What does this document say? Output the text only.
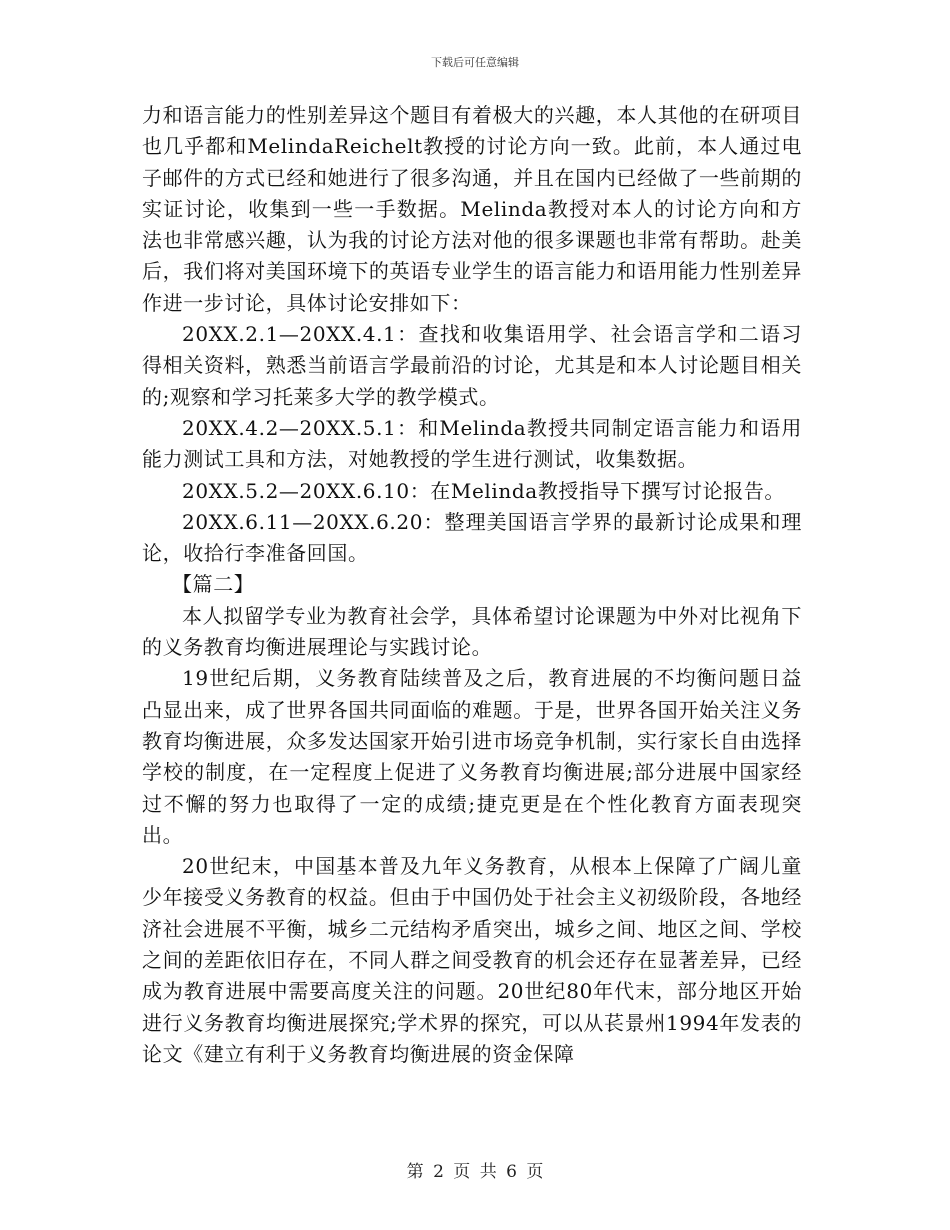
下载后可任意编辑

力和语言能力的性别差异这个题目有着极大的兴趣，本人其他的在研项目也几乎都和MelindaReichelt教授的讨论方向一致。此前，本人通过电子邮件的方式已经和她进行了很多沟通，并且在国内已经做了一些前期的实证讨论，收集到一些一手数据。Melinda教授对本人的讨论方向和方法也非常感兴趣，认为我的讨论方法对他的很多课题也非常有帮助。赴美后，我们将对美国环境下的英语专业学生的语言能力和语用能力性别差异作进一步讨论，具体讨论安排如下：

20XX.2.1—20XX.4.1：查找和收集语用学、社会语言学和二语习得相关资料，熟悉当前语言学最前沿的讨论，尤其是和本人讨论题目相关的;观察和学习托莱多大学的教学模式。

20XX.4.2—20XX.5.1：和Melinda教授共同制定语言能力和语用能力测试工具和方法，对她教授的学生进行测试，收集数据。

20XX.5.2—20XX.6.10：在Melinda教授指导下撰写讨论报告。

20XX.6.11—20XX.6.20：整理美国语言学界的最新讨论成果和理论，收拾行李准备回国。

【篇二】

本人拟留学专业为教育社会学，具体希望讨论课题为中外对比视角下的义务教育均衡进展理论与实践讨论。

19世纪后期，义务教育陆续普及之后，教育进展的不均衡问题日益凸显出来，成了世界各国共同面临的难题。于是，世界各国开始关注义务教育均衡进展，众多发达国家开始引进市场竞争机制，实行家长自由选择学校的制度，在一定程度上促进了义务教育均衡进展;部分进展中国家经过不懈的努力也取得了一定的成绩;捷克更是在个性化教育方面表现突出。

20世纪末，中国基本普及九年义务教育，从根本上保障了广阔儿童少年接受义务教育的权益。但由于中国仍处于社会主义初级阶段，各地经济社会进展不平衡，城乡二元结构矛盾突出，城乡之间、地区之间、学校之间的差距依旧存在，不同人群之间受教育的机会还存在显著差异，已经成为教育进展中需要高度关注的问题。20世纪80年代末，部分地区开始进行义务教育均衡进展探究;学术界的探究，可以从苌景州1994年发表的论文《建立有利于义务教育均衡进展的资金保障

第 2 页 共 6 页
